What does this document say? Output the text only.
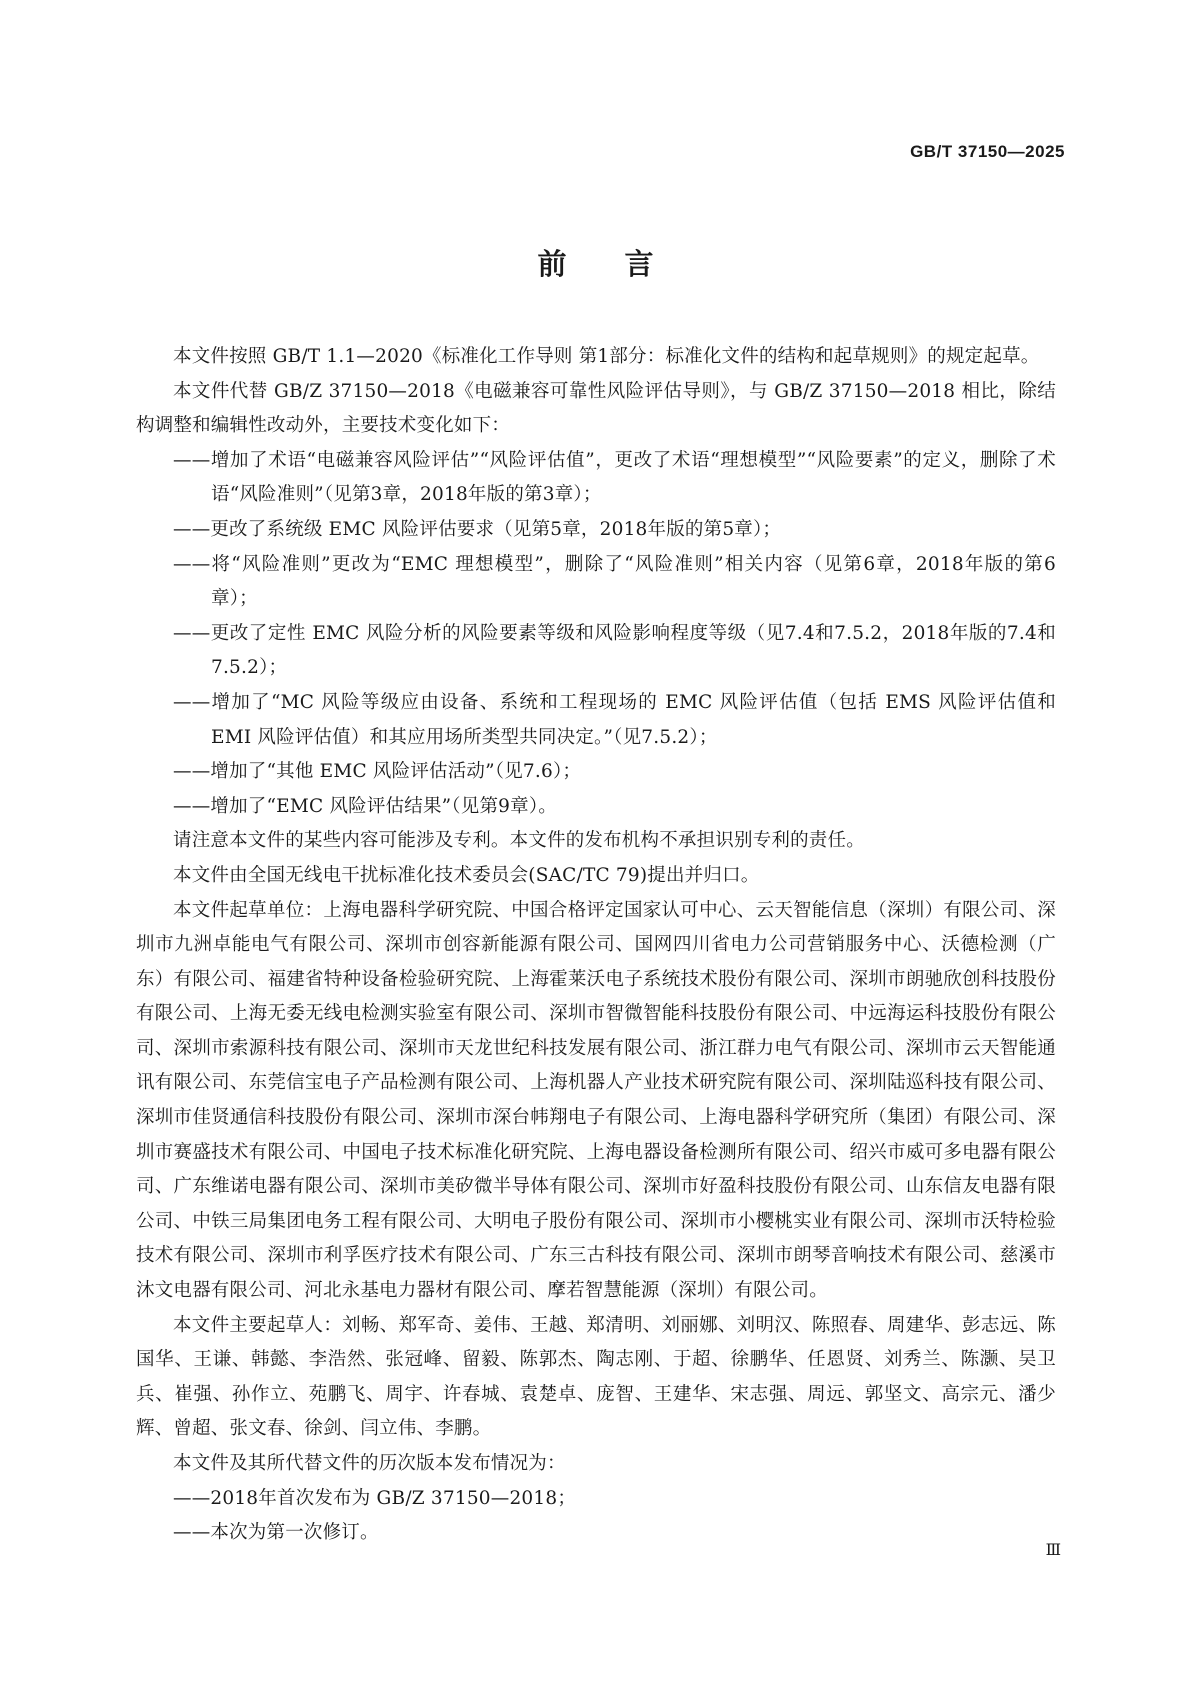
GB/T 37150—2025
前言

本文件按照 GB/T 1.1—2020《标准化工作导则 第1部分：标准化文件的结构和起草规则》的规定起草。

本文件代替 GB/Z 37150—2018《电磁兼容可靠性风险评估导则》，与 GB/Z 37150—2018 相比，除结构调整和编辑性改动外，主要技术变化如下：

——增加了术语“电磁兼容风险评估”“风险评估值”，更改了术语“理想模型”“风险要素”的定义，删除了术语“风险准则”（见第3章，2018年版的第3章）；

——更改了系统级 EMC 风险评估要求（见第5章，2018年版的第5章）；

——将“风险准则”更改为“EMC 理想模型”，删除了“风险准则”相关内容（见第6章，2018年版的第6章）；

——更改了定性 EMC 风险分析的风险要素等级和风险影响程度等级（见7.4和7.5.2，2018年版的7.4和7.5.2）；

——增加了“MC 风险等级应由设备、系统和工程现场的 EMC 风险评估值（包括 EMS 风险评估值和 EMI 风险评估值）和其应用场所类型共同决定。”（见7.5.2）；

——增加了“其他 EMC 风险评估活动”（见7.6）；

——增加了“EMC 风险评估结果”（见第9章）。

请注意本文件的某些内容可能涉及专利。本文件的发布机构不承担识别专利的责任。

本文件由全国无线电干扰标准化技术委员会(SAC/TC 79)提出并归口。

本文件起草单位：上海电器科学研究院、中国合格评定国家认可中心、云天智能信息（深圳）有限公司、深圳市九洲卓能电气有限公司、深圳市创容新能源有限公司、国网四川省电力公司营销服务中心、沃德检测（广东）有限公司、福建省特种设备检验研究院、上海霍莱沃电子系统技术股份有限公司、深圳市朗驰欣创科技股份有限公司、上海无委无线电检测实验室有限公司、深圳市智微智能科技股份有限公司、中远海运科技股份有限公司、深圳市索源科技有限公司、深圳市天龙世纪科技发展有限公司、浙江群力电气有限公司、深圳市云天智能通讯有限公司、东莞信宝电子产品检测有限公司、上海机器人产业技术研究院有限公司、深圳陆巡科技有限公司、深圳市佳贤通信科技股份有限公司、深圳市深台帏翔电子有限公司、上海电器科学研究所（集团）有限公司、深圳市赛盛技术有限公司、中国电子技术标准化研究院、上海电器设备检测所有限公司、绍兴市威可多电器有限公司、广东维诺电器有限公司、深圳市美矽微半导体有限公司、深圳市好盈科技股份有限公司、山东信友电器有限公司、中铁三局集团电务工程有限公司、大明电子股份有限公司、深圳市小樱桃实业有限公司、深圳市沃特检验技术有限公司、深圳市利孚医疗技术有限公司、广东三古科技有限公司、深圳市朗琴音响技术有限公司、慈溪市沐文电器有限公司、河北永基电力器材有限公司、摩若智慧能源（深圳）有限公司。

本文件主要起草人：刘畅、郑军奇、姜伟、王越、郑清明、刘丽娜、刘明汉、陈照春、周建华、彭志远、陈国华、王谦、韩懿、李浩然、张冠峰、留毅、陈郭杰、陶志刚、于超、徐鹏华、任恩贤、刘秀兰、陈灏、吴卫兵、崔强、孙作立、苑鹏飞、周宇、许春城、袁楚卓、庞智、王建华、宋志强、周远、郭坚文、高宗元、潘少辉、曾超、张文春、徐剑、闫立伟、李鹏。

本文件及其所代替文件的历次版本发布情况为：

——2018年首次发布为 GB/Z 37150—2018；

——本次为第一次修订。

Ⅲ
